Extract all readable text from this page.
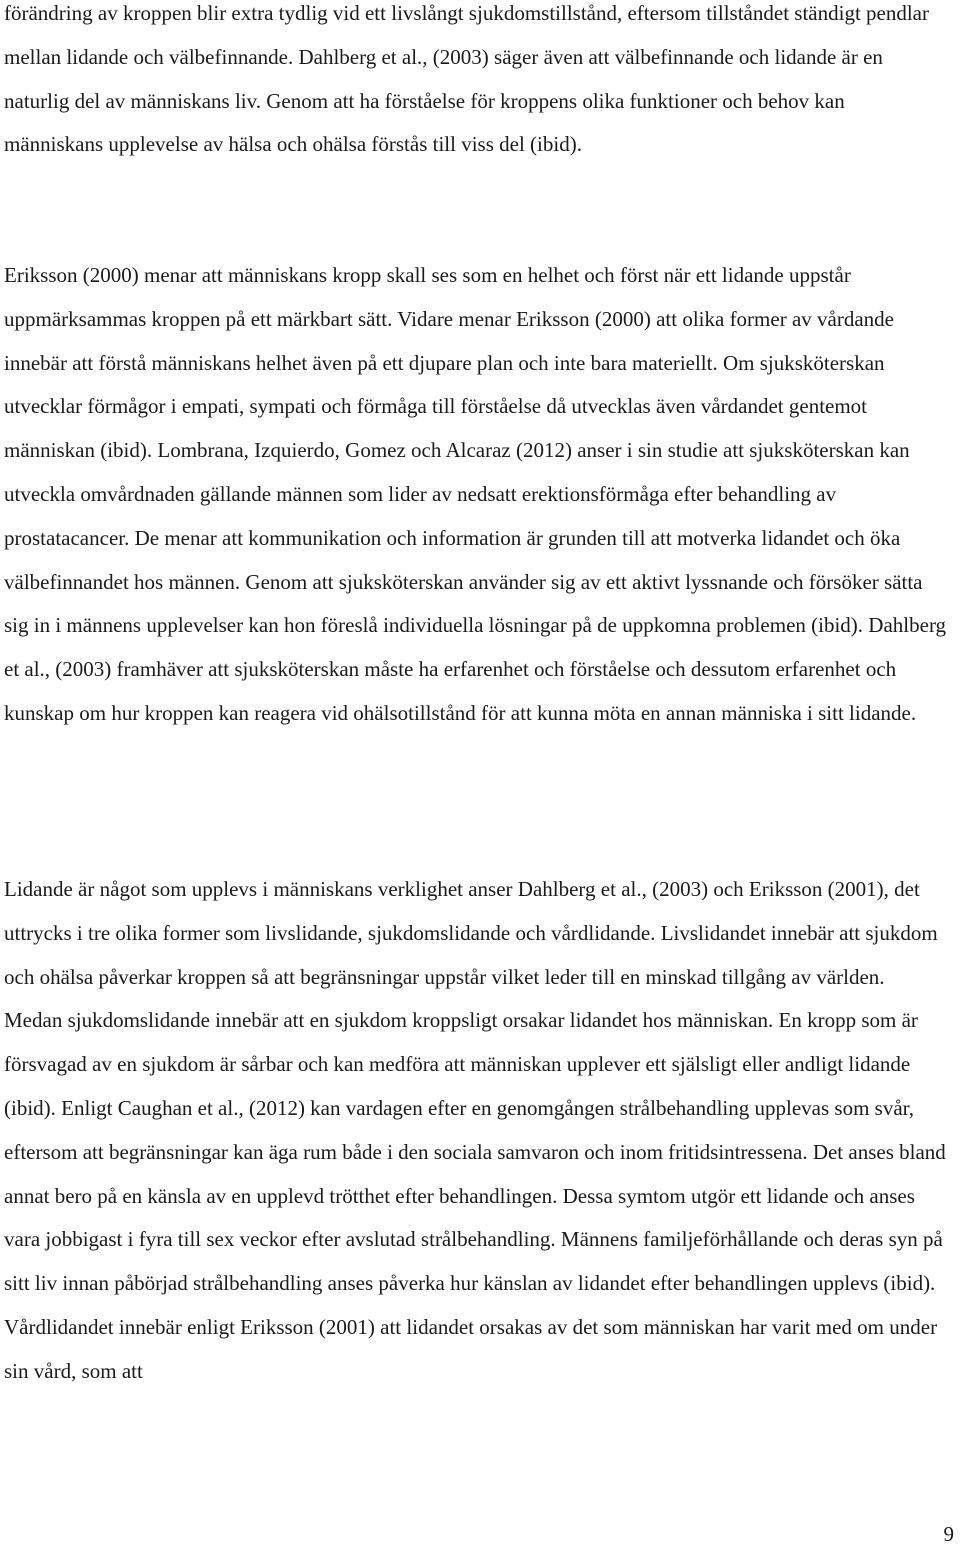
förändring av kroppen blir extra tydlig vid ett livslångt sjukdomstillstånd, eftersom tillståndet ständigt pendlar mellan lidande och välbefinnande. Dahlberg et al., (2003) säger även att välbefinnande och lidande är en naturlig del av människans liv. Genom att ha förståelse för kroppens olika funktioner och behov kan människans upplevelse av hälsa och ohälsa förstås till viss del (ibid).

Eriksson (2000) menar att människans kropp skall ses som en helhet och först när ett lidande uppstår uppmärksammas kroppen på ett märkbart sätt. Vidare menar Eriksson (2000) att olika former av vårdande innebär att förstå människans helhet även på ett djupare plan och inte bara materiellt. Om sjuksköterskan utvecklar förmågor i empati, sympati och förmåga till förståelse då utvecklas även vårdandet gentemot människan (ibid). Lombrana, Izquierdo, Gomez och Alcaraz (2012) anser i sin studie att sjuksköterskan kan utveckla omvårdnaden gällande männen som lider av nedsatt erektionsförmåga efter behandling av prostatacancer. De menar att kommunikation och information är grunden till att motverka lidandet och öka välbefinnandet hos männen. Genom att sjuksköterskan använder sig av ett aktivt lyssnande och försöker sätta sig in i männens upplevelser kan hon föreslå individuella lösningar på de uppkomna problemen (ibid). Dahlberg et al., (2003) framhäver att sjuksköterskan måste ha erfarenhet och förståelse och dessutom erfarenhet och kunskap om hur kroppen kan reagera vid ohälsotillstånd för att kunna möta en annan människa i sitt lidande.

Lidande är något som upplevs i människans verklighet anser Dahlberg et al., (2003) och Eriksson (2001), det uttrycks i tre olika former som livslidande, sjukdomslidande och vårdlidande. Livslidandet innebär att sjukdom och ohälsa påverkar kroppen så att begränsningar uppstår vilket leder till en minskad tillgång av världen. Medan sjukdomslidande innebär att en sjukdom kroppsligt orsakar lidandet hos människan. En kropp som är försvagad av en sjukdom är sårbar och kan medföra att människan upplever ett själsligt eller andligt lidande (ibid). Enligt Caughan et al., (2012) kan vardagen efter en genomgången strålbehandling upplevas som svår, eftersom att begränsningar kan äga rum både i den sociala samvaron och inom fritidsintressena. Det anses bland annat bero på en känsla av en upplevd trötthet efter behandlingen. Dessa symtom utgör ett lidande och anses vara jobbigast i fyra till sex veckor efter avslutad strålbehandling. Männens familjeförhållande och deras syn på sitt liv innan påbörjad strålbehandling anses påverka hur känslan av lidandet efter behandlingen upplevs (ibid). Vårdlidandet innebär enligt Eriksson (2001) att lidandet orsakas av det som människan har varit med om under sin vård, som att

9
